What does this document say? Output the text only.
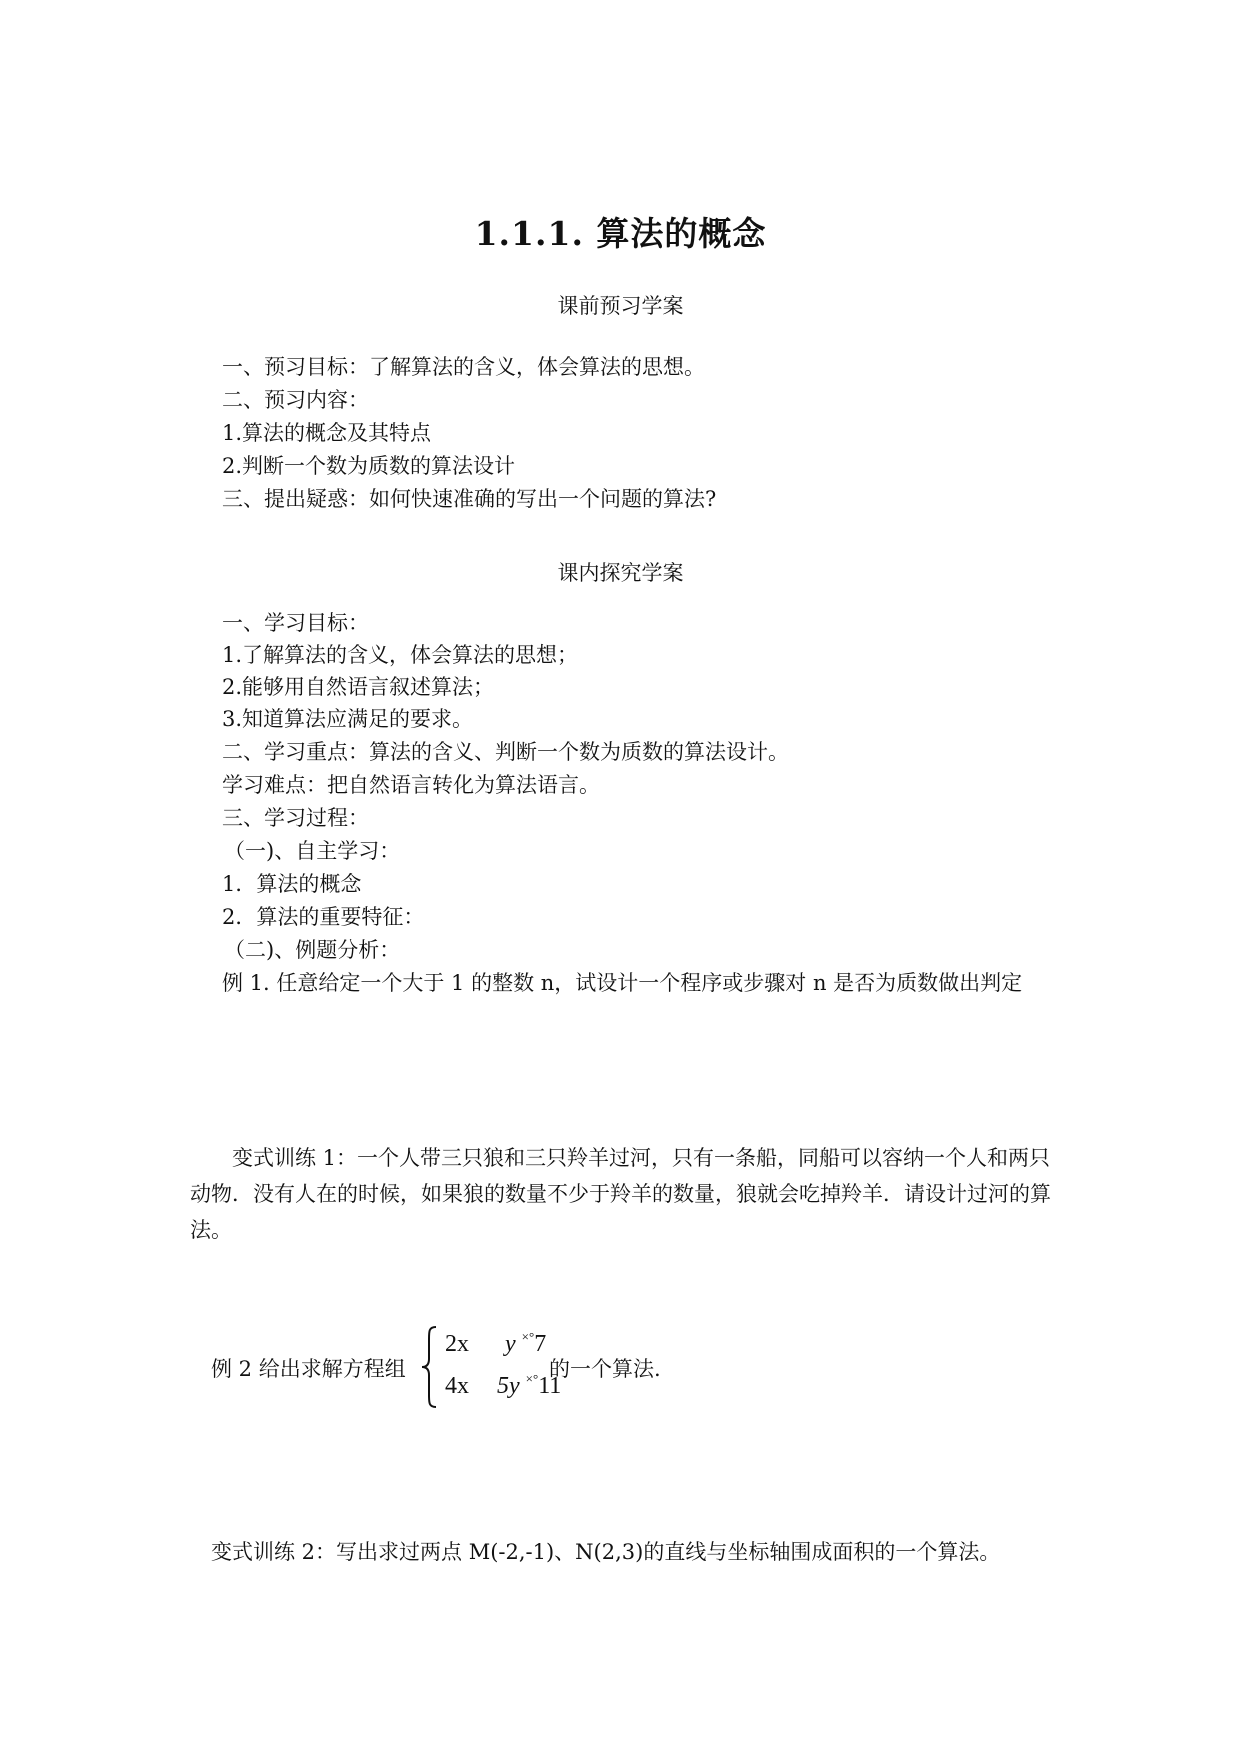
1.1.1. 算法的概念
课前预习学案
一、预习目标：了解算法的含义，体会算法的思想。
二、预习内容：
1.算法的概念及其特点
2.判断一个数为质数的算法设计
三、提出疑惑：如何快速准确的写出一个问题的算法?
课内探究学案
一、学习目标：
1.了解算法的含义，体会算法的思想；
2.能够用自然语言叙述算法；
3.知道算法应满足的要求。
二、学习重点：算法的含义、判断一个数为质数的算法设计。
学习难点：把自然语言转化为算法语言。
三、学习过程：
（一)、自主学习：
1．算法的概念
2．算法的重要特征：
（二)、例题分析：
例 1. 任意给定一个大于 1 的整数 n，试设计一个程序或步骤对 n 是否为质数做出判定
变式训练 1：一个人带三只狼和三只羚羊过河，只有一条船，同船可以容纳一个人和两只动物．没有人在的时候，如果狼的数量不少于羚羊的数量，狼就会吃掉羚羊．请设计过河的算法。
例 2 给出求解方程组
2x y ×°7
4x 5y ×°11
的一个算法.
变式训练 2：写出求过两点 M(-2,-1)、N(2,3)的直线与坐标轴围成面积的一个算法。
